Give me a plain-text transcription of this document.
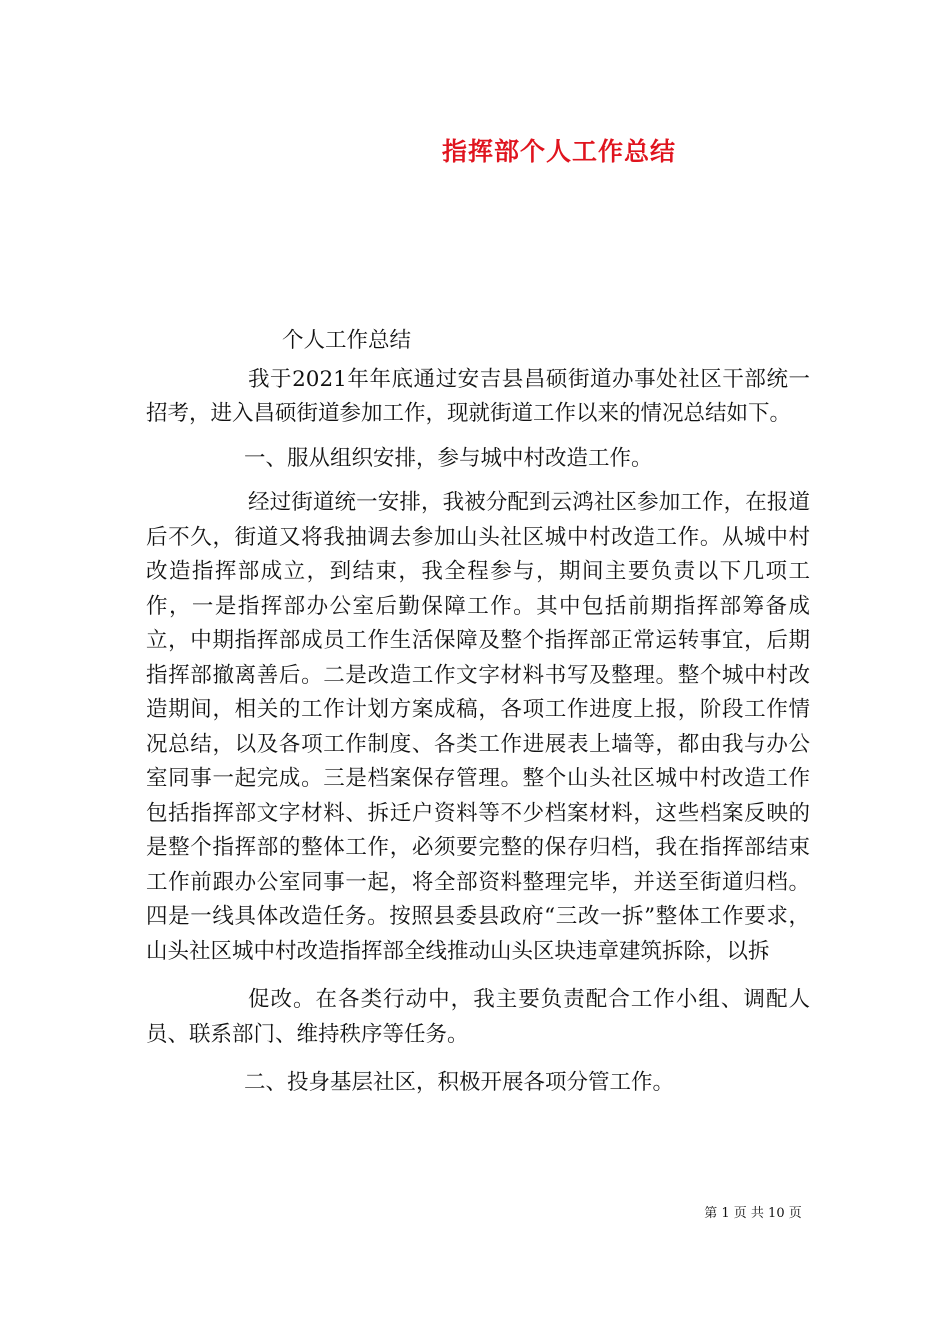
指挥部个人工作总结

个人工作总结

我于2021年年底通过安吉县昌硕街道办事处社区干部统一招考，进入昌硕街道参加工作，现就街道工作以来的情况总结如下。

一、服从组织安排，参与城中村改造工作。

经过街道统一安排，我被分配到云鸿社区参加工作，在报道后不久，街道又将我抽调去参加山头社区城中村改造工作。从城中村改造指挥部成立，到结束，我全程参与，期间主要负责以下几项工作，一是指挥部办公室后勤保障工作。其中包括前期指挥部筹备成立，中期指挥部成员工作生活保障及整个指挥部正常运转事宜，后期指挥部撤离善后。二是改造工作文字材料书写及整理。整个城中村改造期间，相关的工作计划方案成稿，各项工作进度上报，阶段工作情况总结，以及各项工作制度、各类工作进展表上墙等，都由我与办公室同事一起完成。三是档案保存管理。整个山头社区城中村改造工作包括指挥部文字材料、拆迁户资料等不少档案材料，这些档案反映的是整个指挥部的整体工作，必须要完整的保存归档，我在指挥部结束工作前跟办公室同事一起，将全部资料整理完毕，并送至街道归档。四是一线具体改造任务。按照县委县政府“三改一拆”整体工作要求，山头社区城中村改造指挥部全线推动山头区块违章建筑拆除，以拆

促改。在各类行动中，我主要负责配合工作小组、调配人员、联系部门、维持秩序等任务。

二、投身基层社区，积极开展各项分管工作。

第 1 页 共 10 页
